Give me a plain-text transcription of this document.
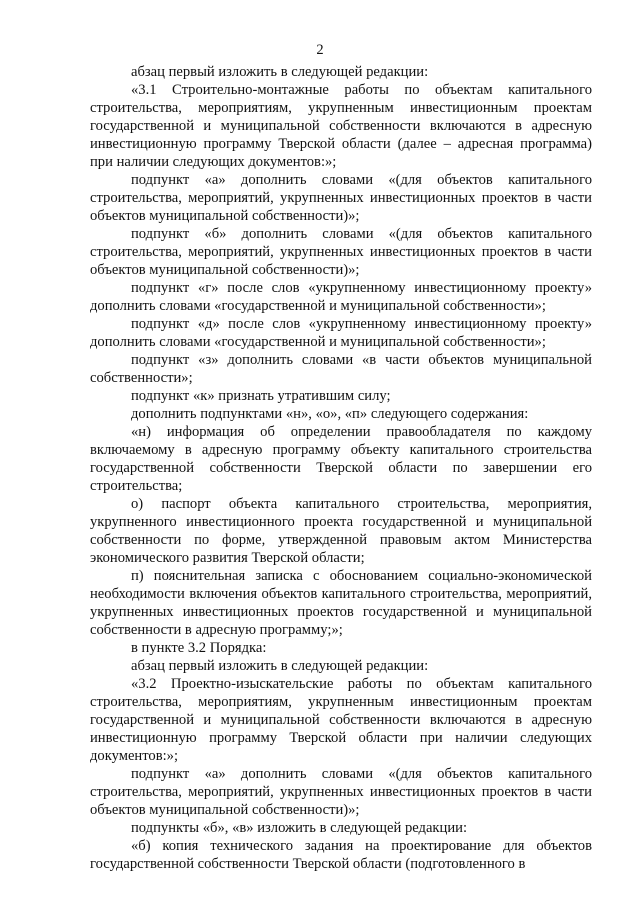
2

абзац первый изложить в следующей редакции:

«3.1 Строительно-монтажные работы по объектам капитального строительства, мероприятиям, укрупненным инвестиционным проектам государственной и муниципальной собственности включаются в адресную инвестиционную программу Тверской области (далее – адресная программа) при наличии следующих документов:»;

подпункт «а» дополнить словами «(для объектов капитального строительства, мероприятий, укрупненных инвестиционных проектов в части объектов муниципальной собственности)»;

подпункт «б» дополнить словами «(для объектов капитального строительства, мероприятий, укрупненных инвестиционных проектов в части объектов муниципальной собственности)»;

подпункт «г» после слов «укрупненному инвестиционному проекту» дополнить словами «государственной и муниципальной собственности»;

подпункт «д» после слов «укрупненному инвестиционному проекту» дополнить словами «государственной и муниципальной собственности»;

подпункт «з» дополнить словами «в части объектов муниципальной собственности»;

подпункт «к» признать утратившим силу;

дополнить подпунктами «н», «о», «п» следующего содержания:

«н) информация об определении правообладателя по каждому включаемому в адресную программу объекту капитального строительства государственной собственности Тверской области по завершении его строительства;

о) паспорт объекта капитального строительства, мероприятия, укрупненного инвестиционного проекта государственной и муниципальной собственности по форме, утвержденной правовым актом Министерства экономического развития Тверской области;

п) пояснительная записка с обоснованием социально-экономической необходимости включения объектов капитального строительства, мероприятий, укрупненных инвестиционных проектов государственной и муниципальной собственности в адресную программу;»;

в пункте 3.2 Порядка:

абзац первый изложить в следующей редакции:

«3.2 Проектно-изыскательские работы по объектам капитального строительства, мероприятиям, укрупненным инвестиционным проектам государственной и муниципальной собственности включаются в адресную инвестиционную программу Тверской области при наличии следующих документов:»;

подпункт «а» дополнить словами «(для объектов капитального строительства, мероприятий, укрупненных инвестиционных проектов в части объектов муниципальной собственности)»;

подпункты «б», «в» изложить в следующей редакции:

«б) копия технического задания на проектирование для объектов государственной собственности Тверской области (подготовленного в
